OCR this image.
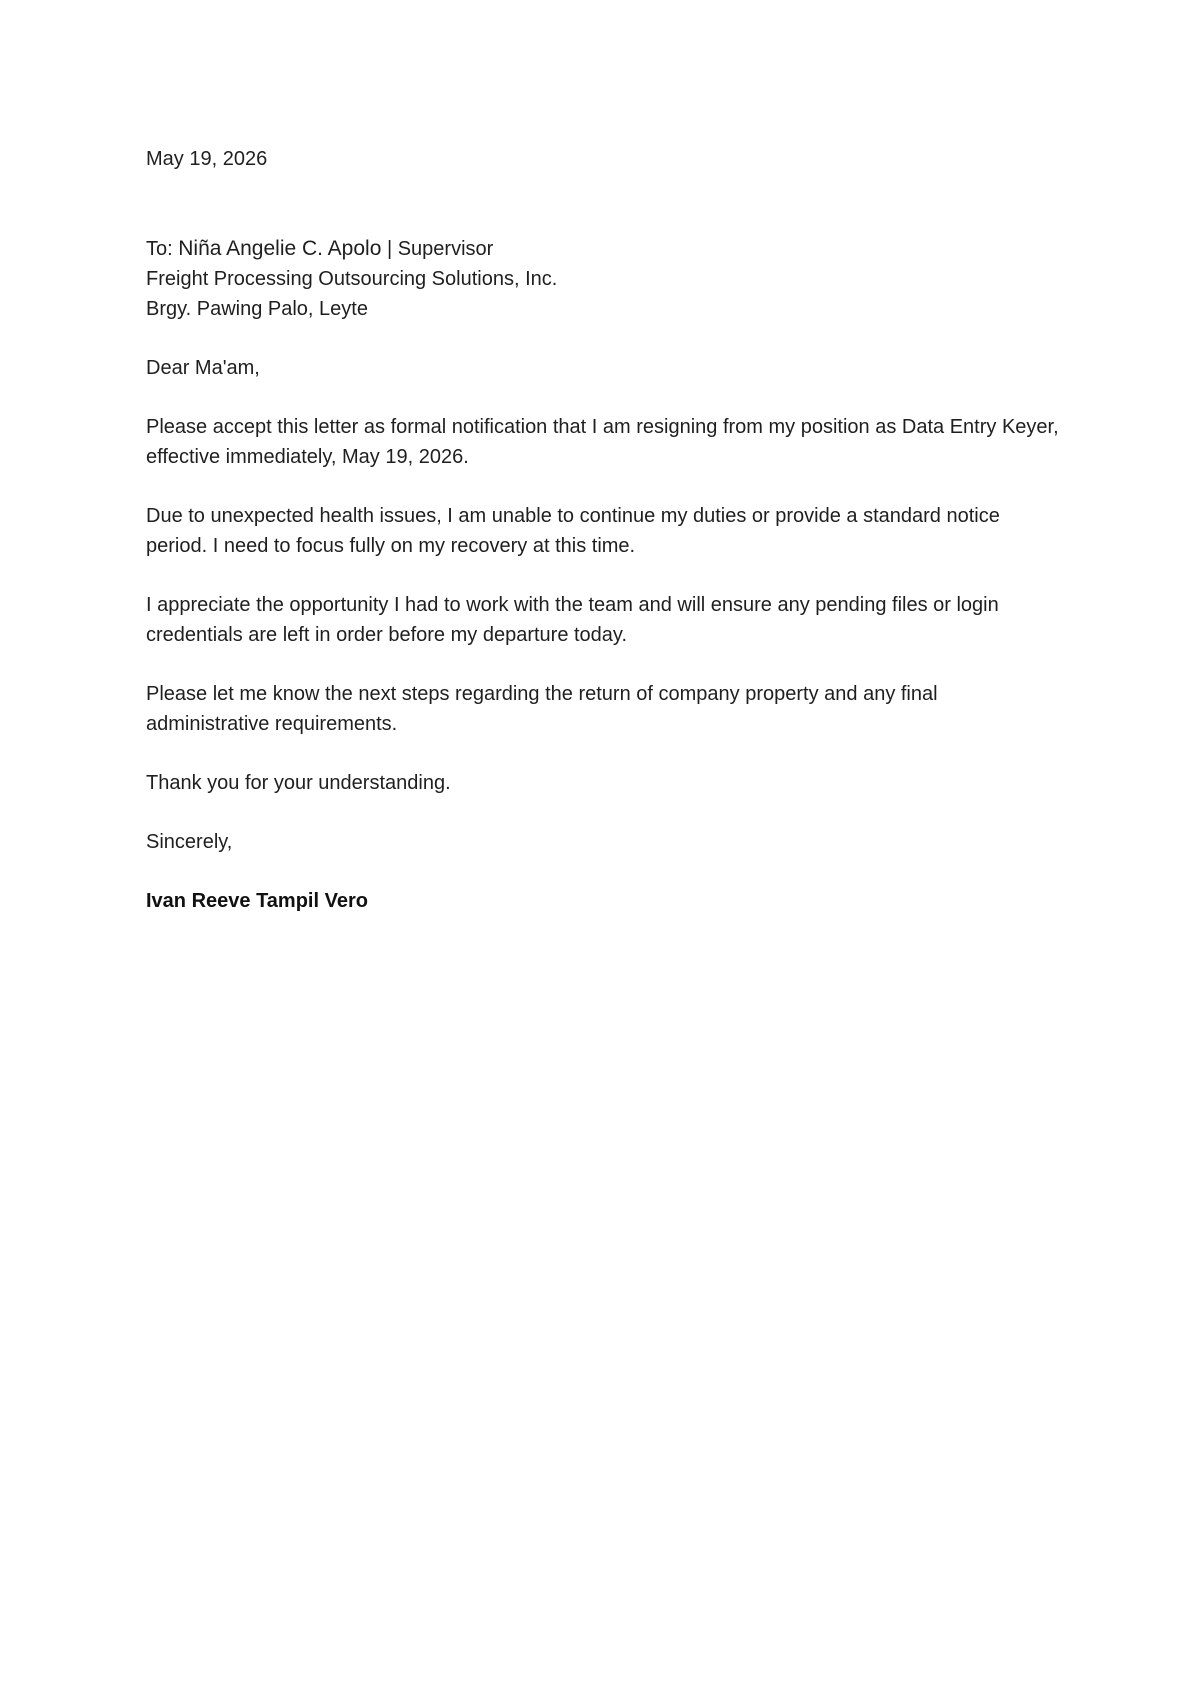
May 19, 2026

To: Niña Angelie C. Apolo | Supervisor
Freight Processing Outsourcing Solutions, Inc.
Brgy. Pawing Palo, Leyte

Dear Ma'am,

Please accept this letter as formal notification that I am resigning from my position as Data Entry Keyer, effective immediately, May 19, 2026.

Due to unexpected health issues, I am unable to continue my duties or provide a standard notice period. I need to focus fully on my recovery at this time.

I appreciate the opportunity I had to work with the team and will ensure any pending files or login credentials are left in order before my departure today.

Please let me know the next steps regarding the return of company property and any final administrative requirements.

Thank you for your understanding.

Sincerely,

Ivan Reeve Tampil Vero
